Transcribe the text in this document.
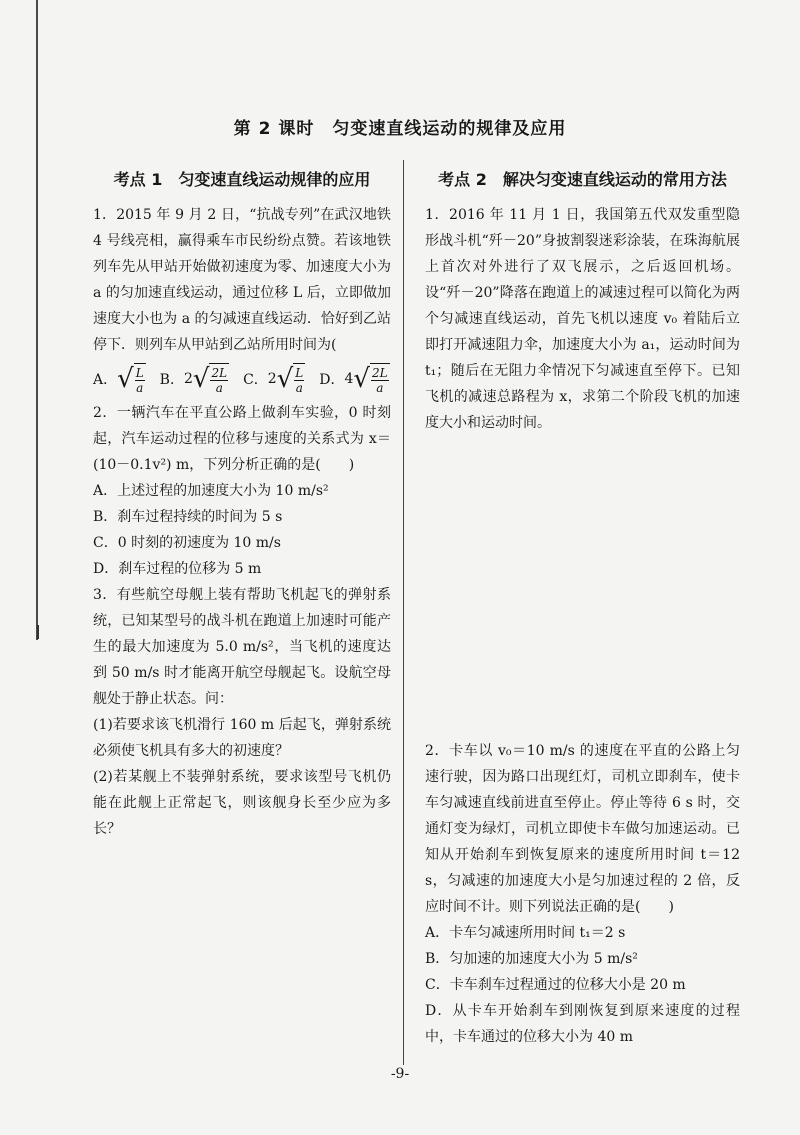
第 2 课时　匀变速直线运动的规律及应用
考点 1　匀变速直线运动规律的应用

1．2015 年 9 月 2 日，“抗战专列”在武汉地铁 4 号线亮相，赢得乘车市民纷纷点赞。若该地铁列车先从甲站开始做初速度为零、加速度大小为 a 的匀加速直线运动，通过位移 L 后，立即做加速度大小也为 a 的匀减速直线运动．恰好到乙站停下．则列车从甲站到乙站所用时间为(

A． √ $\frac{L}{a}$ B． 2 √ $\frac{2L}{a}$ C． 2 √ $\frac{L}{a}$ D． 4 √ $\frac{2L}{a}$

2．一辆汽车在平直公路上做刹车实验，0 时刻起，汽车运动过程的位移与速度的关系式为 x＝(10－0.1v²) m，下列分析正确的是(　　)

A．上述过程的加速度大小为 10 m/s²

B．刹车过程持续的时间为 5 s

C．0 时刻的初速度为 10 m/s

D．刹车过程的位移为 5 m

3．有些航空母舰上装有帮助飞机起飞的弹射系统，已知某型号的战斗机在跑道上加速时可能产生的最大加速度为 5.0 m/s²，当飞机的速度达到 50 m/s 时才能离开航空母舰起飞。设航空母舰处于静止状态。问：

(1)若要求该飞机滑行 160 m 后起飞，弹射系统必须使飞机具有多大的初速度？

(2)若某舰上不装弹射系统，要求该型号飞机仍能在此舰上正常起飞，则该舰身长至少应为多长？

考点 2　解决匀变速直线运动的常用方法

1．2016 年 11 月 1 日，我国第五代双发重型隐形战斗机“歼－20”身披割裂迷彩涂装，在珠海航展上首次对外进行了双飞展示，之后返回机场。设“歼－20”降落在跑道上的减速过程可以简化为两个匀减速直线运动，首先飞机以速度 v₀ 着陆后立即打开减速阻力伞，加速度大小为 a₁，运动时间为 t₁；随后在无阻力伞情况下匀减速直至停下。已知飞机的减速总路程为 x，求第二个阶段飞机的加速度大小和运动时间。

2．卡车以 v₀＝10 m/s 的速度在平直的公路上匀速行驶，因为路口出现红灯，司机立即刹车，使卡车匀减速直线前进直至停止。停止等待 6 s 时，交通灯变为绿灯，司机立即使卡车做匀加速运动。已知从开始刹车到恢复原来的速度所用时间 t＝12 s，匀减速的加速度大小是匀加速过程的 2 倍，反应时间不计。则下列说法正确的是(　　)

A．卡车匀减速所用时间 t₁＝2 s

B．匀加速的加速度大小为 5 m/s²

C．卡车刹车过程通过的位移大小是 20 m

D．从卡车开始刹车到刚恢复到原来速度的过程中，卡车通过的位移大小为 40 m

-9-
